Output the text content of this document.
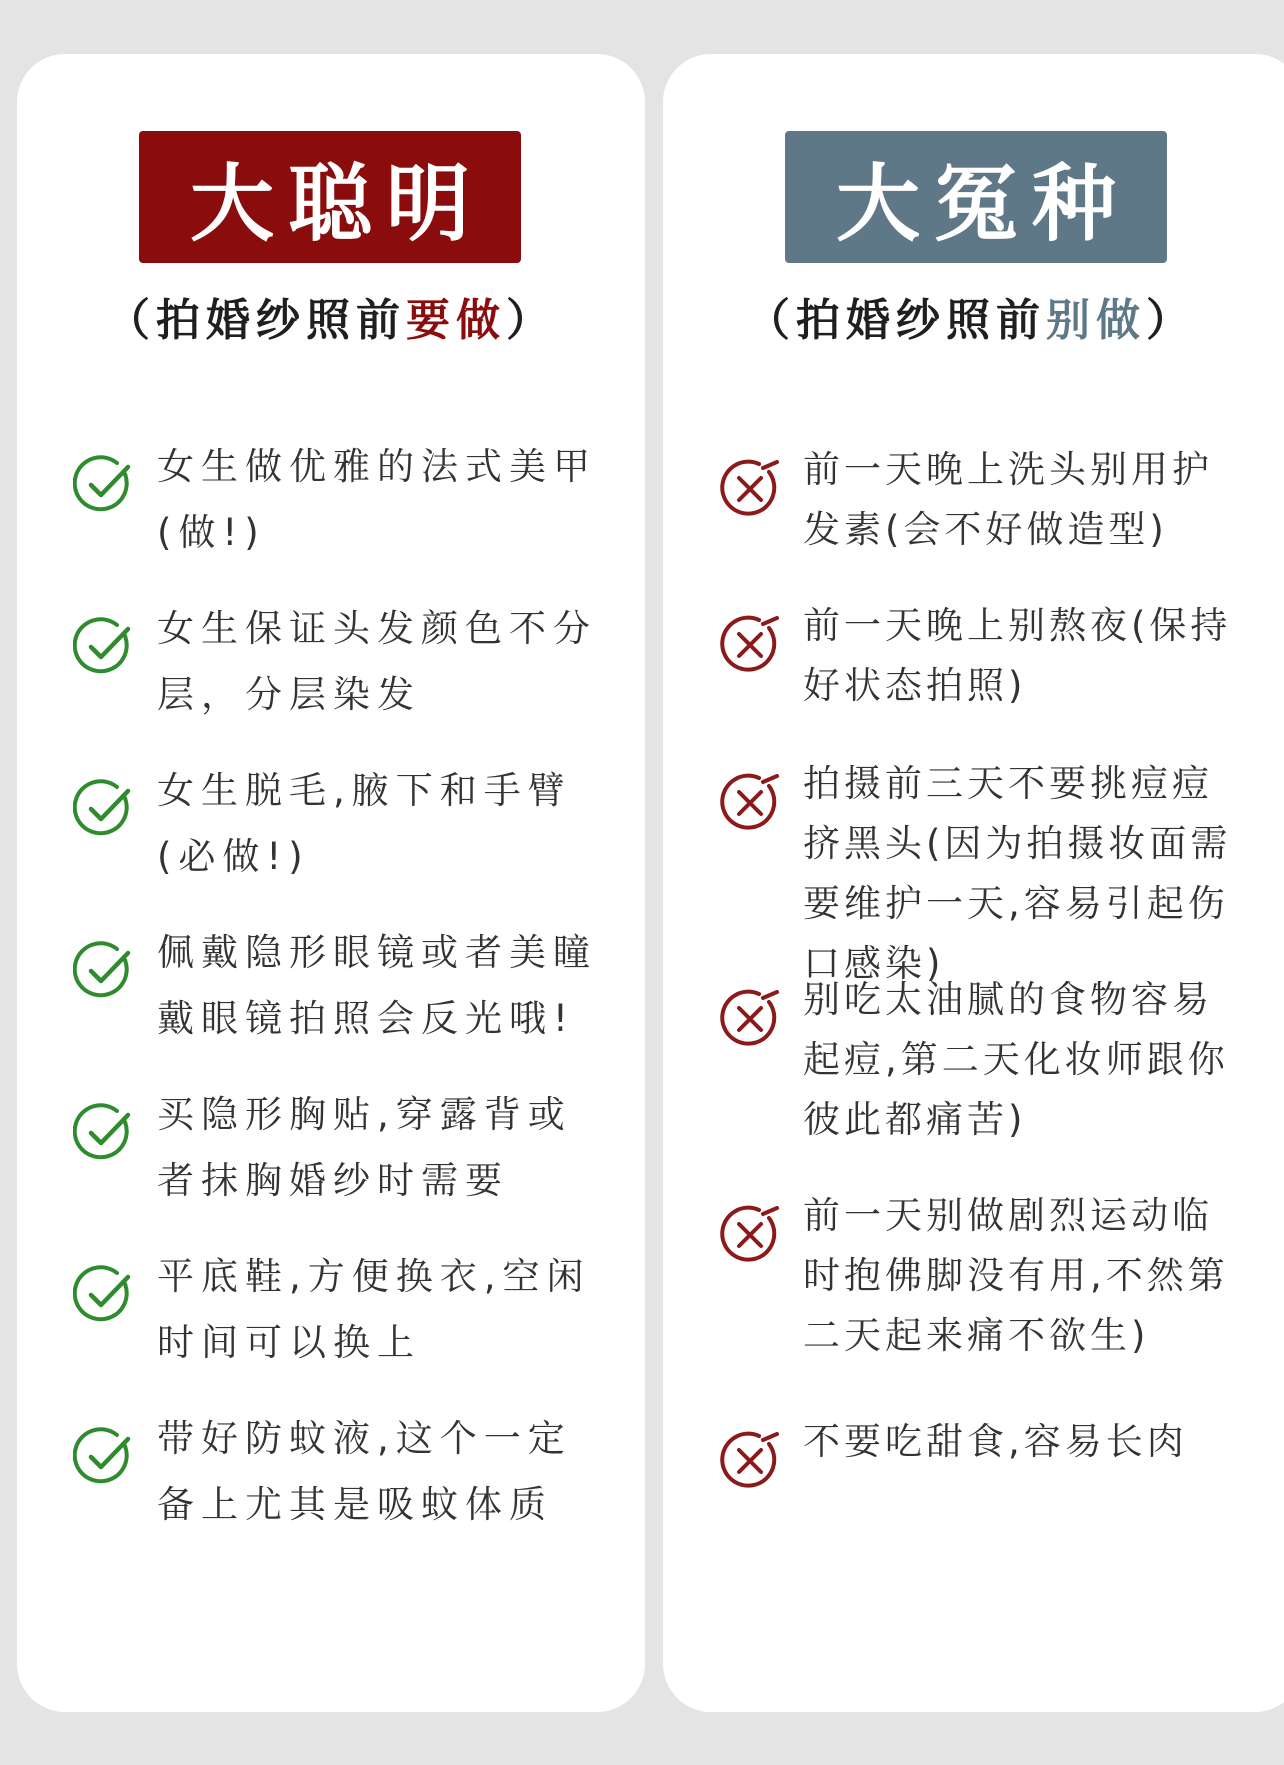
大聪明
（拍婚纱照前要做）
女生做优雅的法式美甲
(做!)
女生保证头发颜色不分
层，分层染发
女生脱毛,腋下和手臂
(必做!)
佩戴隐形眼镜或者美瞳
戴眼镜拍照会反光哦!
买隐形胸贴,穿露背或
者抹胸婚纱时需要
平底鞋,方便换衣,空闲
时间可以换上
带好防蚊液,这个一定
备上尤其是吸蚊体质
大冤种
（拍婚纱照前别做）
前一天晚上洗头别用护
发素(会不好做造型)
前一天晚上别熬夜(保持
好状态拍照)
拍摄前三天不要挑痘痘
挤黑头(因为拍摄妆面需
要维护一天,容易引起伤
口感染)
别吃太油腻的食物容易
起痘,第二天化妆师跟你
彼此都痛苦)
前一天别做剧烈运动临
时抱佛脚没有用,不然第
二天起来痛不欲生)
不要吃甜食,容易长肉
